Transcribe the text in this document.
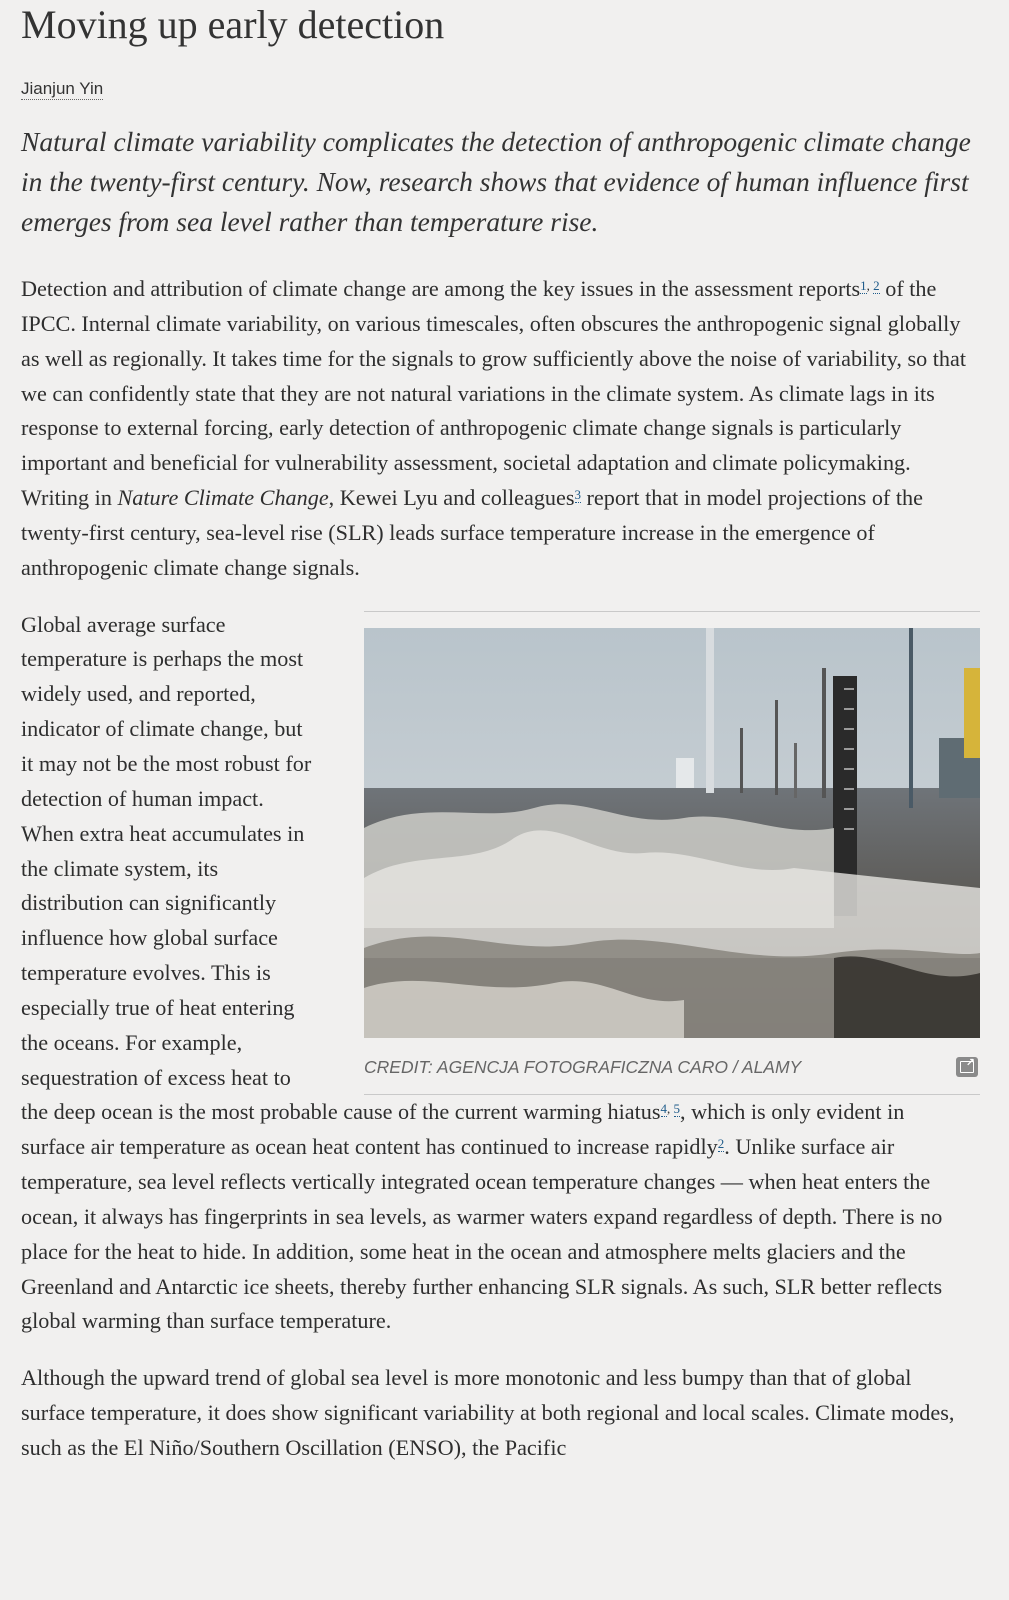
Moving up early detection
Jianjun Yin

Natural climate variability complicates the detection of anthropogenic climate change in the twenty-first century. Now, research shows that evidence of human influence first emerges from sea level rather than temperature rise.

Detection and attribution of climate change are among the key issues in the assessment reports$^{1,}$ $^2$ of the IPCC. Internal climate variability, on various timescales, often obscures the anthropogenic signal globally as well as regionally. It takes time for the signals to grow sufficiently above the noise of variability, so that we can confidently state that they are not natural variations in the climate system. As climate lags in its response to external forcing, early detection of anthropogenic climate change signals is particularly important and beneficial for vulnerability assessment, societal adaptation and climate policymaking. Writing in Nature Climate Change, Kewei Lyu and colleagues$^3$ report that in model projections of the twenty-first century, sea-level rise (SLR) leads surface temperature increase in the emergence of anthropogenic climate change signals.

CREDIT: AGENCJA FOTOGRAFICZNA CARO / ALAMY
↗

Global average surface temperature is perhaps the most widely used, and reported, indicator of climate change, but it may not be the most robust for detection of human impact. When extra heat accumulates in the climate system, its distribution can significantly influence how global surface temperature evolves. This is especially true of heat entering the oceans. For example, sequestration of excess heat to the deep ocean is the most probable cause of the current warming hiatus$^{4,}$ $^5$, which is only evident in surface air temperature as ocean heat content has continued to increase rapidly$^2$. Unlike surface air temperature, sea level reflects vertically integrated ocean temperature changes — when heat enters the ocean, it always has fingerprints in sea levels, as warmer waters expand regardless of depth. There is no place for the heat to hide. In addition, some heat in the ocean and atmosphere melts glaciers and the Greenland and Antarctic ice sheets, thereby further enhancing SLR signals. As such, SLR better reflects global warming than surface temperature.

Although the upward trend of global sea level is more monotonic and less bumpy than that of global surface temperature, it does show significant variability at both regional and local scales. Climate modes, such as the El Niño/Southern Oscillation (ENSO), the Pacific
